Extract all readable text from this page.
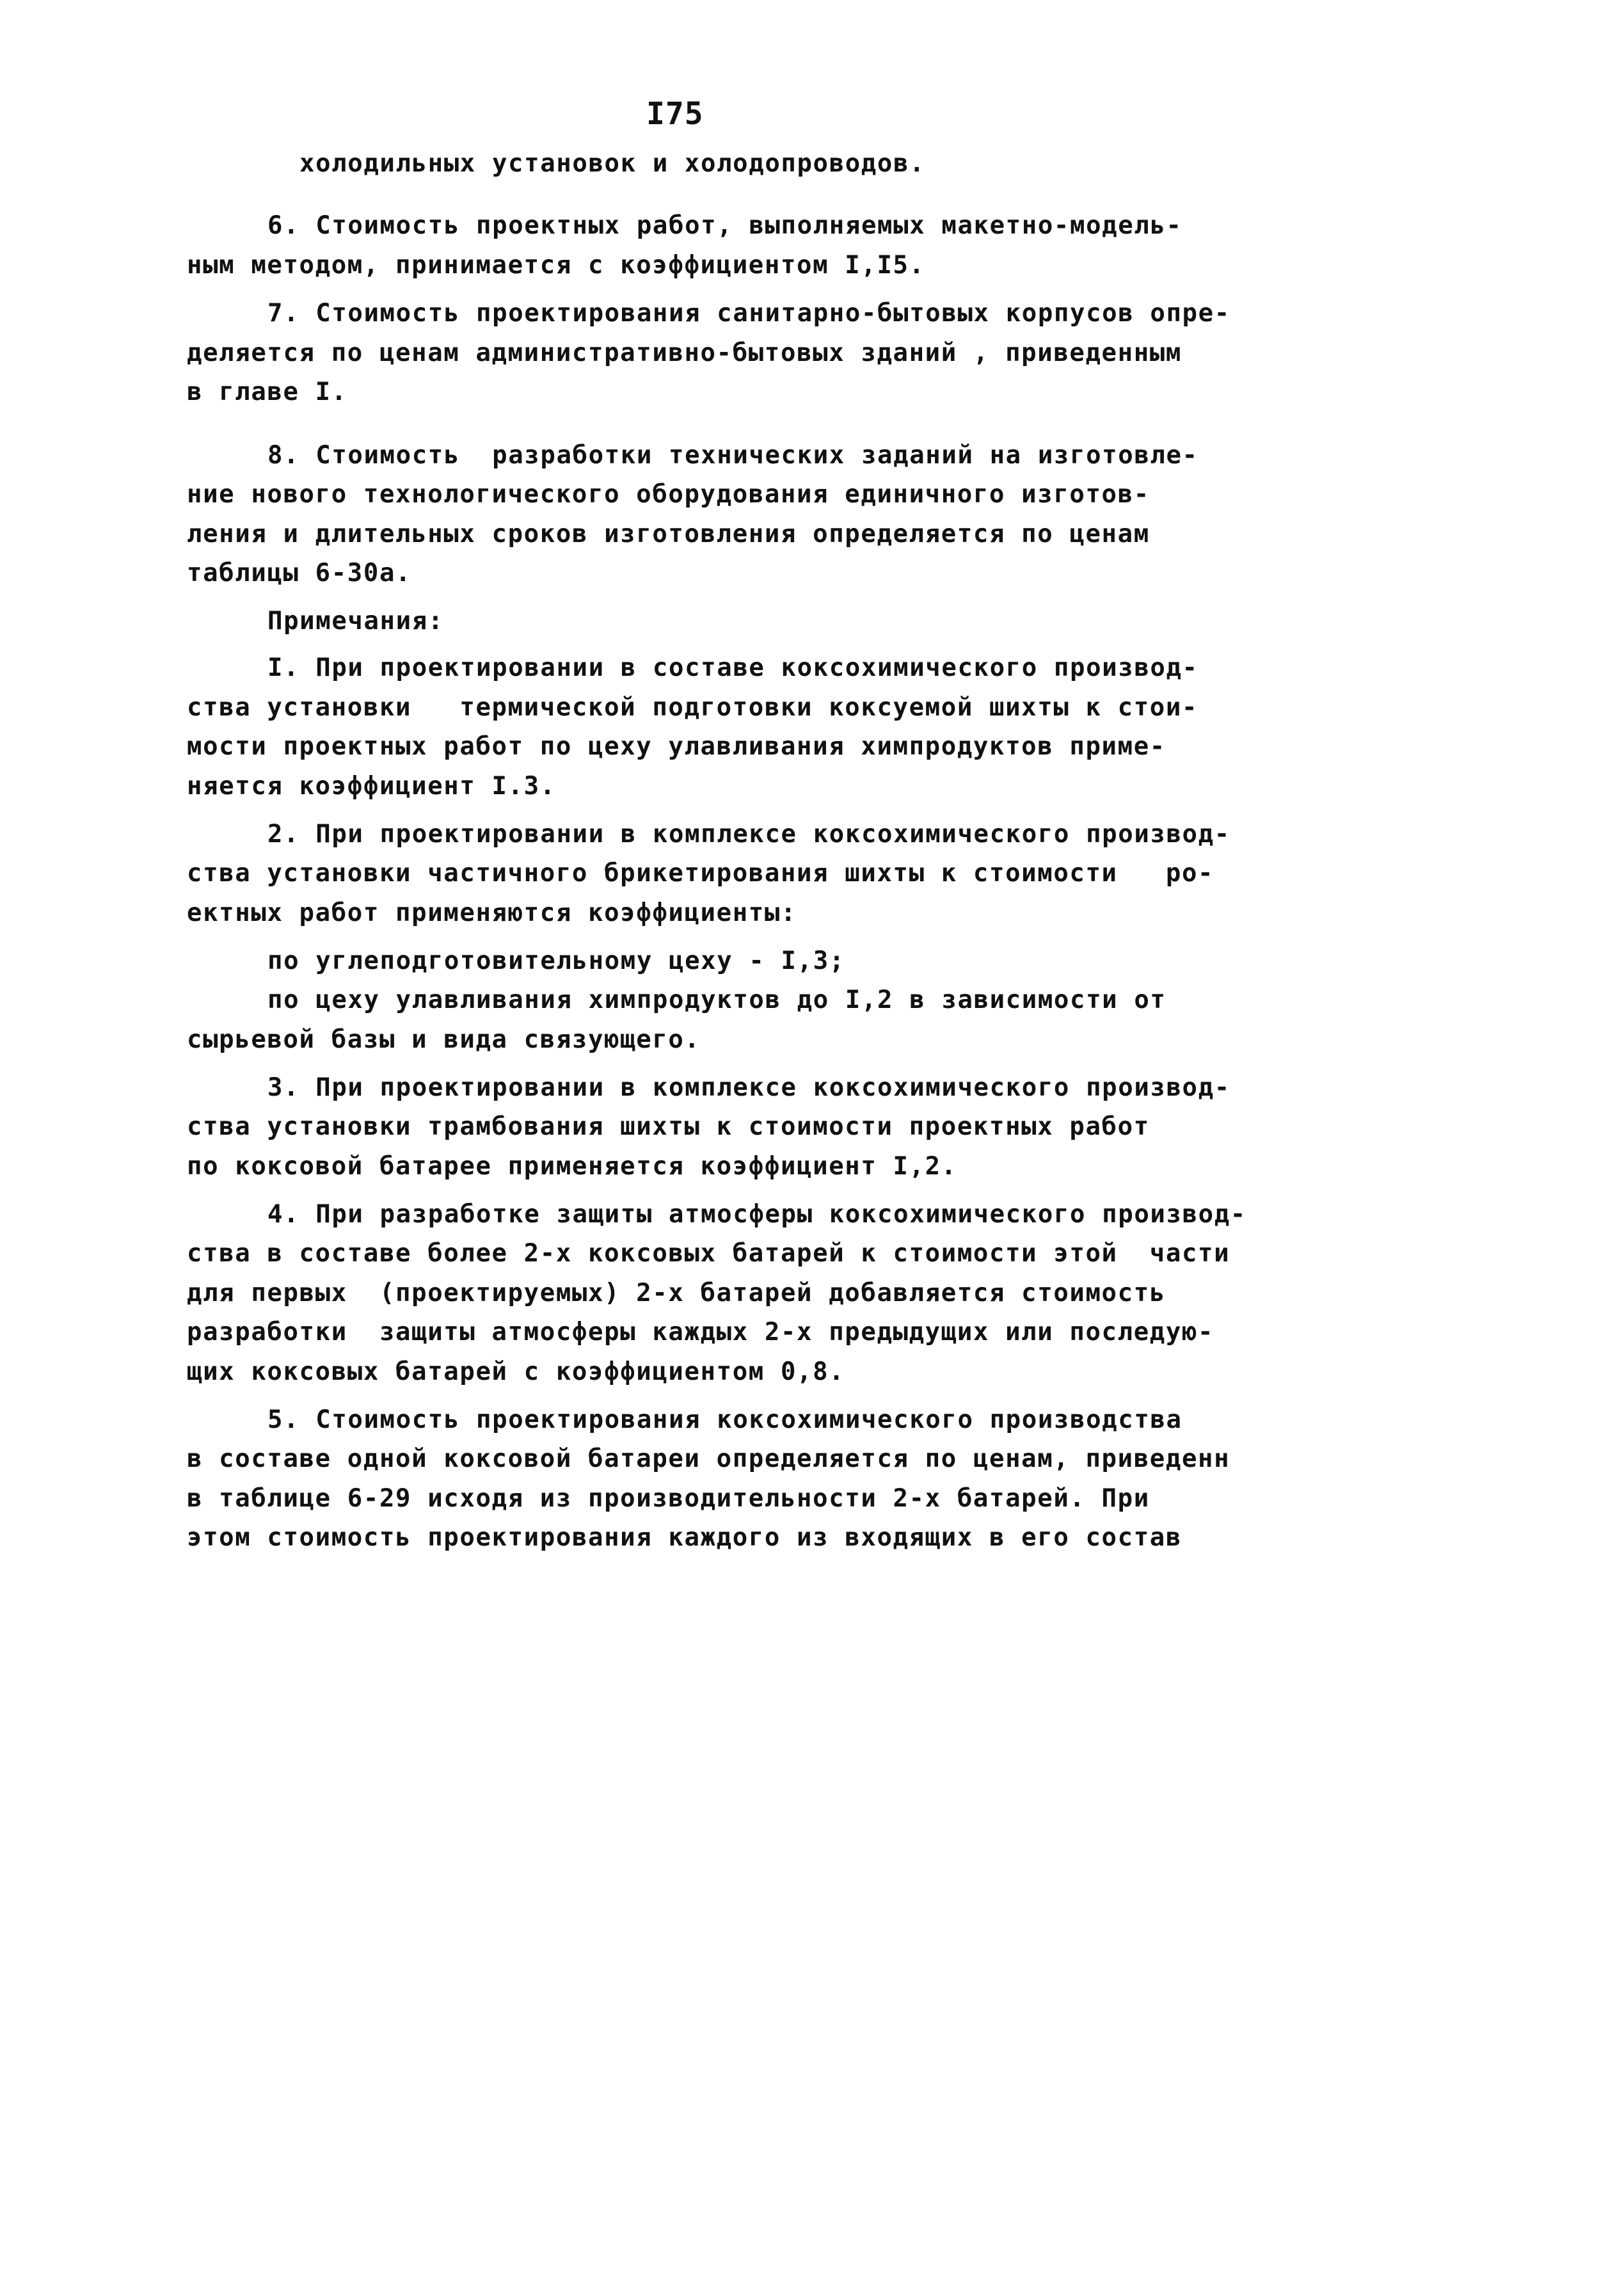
I75
холодильных установок и холодопроводов.
6. Стоимость проектных работ, выполняемых макетно-модель-
ным методом, принимается с коэффициентом I,I5.
7. Стоимость проектирования санитарно-бытовых корпусов опре-
деляется по ценам административно-бытовых зданий , приведенным
в главе I.
8. Стоимость  разработки технических заданий на изготовле-
ние нового технологического оборудования единичного изготов-
ления и длительных сроков изготовления определяется по ценам
таблицы 6-30а.
Примечания:
I. При проектировании в составе коксохимического производ-
ства установки   термической подготовки коксуемой шихты к стои-
мости проектных работ по цеху улавливания химпродуктов приме-
няется коэффициент I.3.
2. При проектировании в комплексе коксохимического производ-
ства установки частичного брикетирования шихты к стоимости   ро-
ектных работ применяются коэффициенты:
по углеподготовительному цеху - I,3;
по цеху улавливания химпродуктов до I,2 в зависимости от
сырьевой базы и вида связующего.
3. При проектировании в комплексе коксохимического производ-
ства установки трамбования шихты к стоимости проектных работ
по коксовой батарее применяется коэффициент I,2.
4. При разработке защиты атмосферы коксохимического производ-
ства в составе более 2-х коксовых батарей к стоимости этой  части
для первых  (проектируемых) 2-х батарей добавляется стоимость
разработки  защиты атмосферы каждых 2-х предыдущих или последую-
щих коксовых батарей с коэффициентом 0,8.
5. Стоимость проектирования коксохимического производства
в составе одной коксовой батареи определяется по ценам, приведенн
в таблице 6-29 исходя из производительности 2-х батарей. При
этом стоимость проектирования каждого из входящих в его состав
